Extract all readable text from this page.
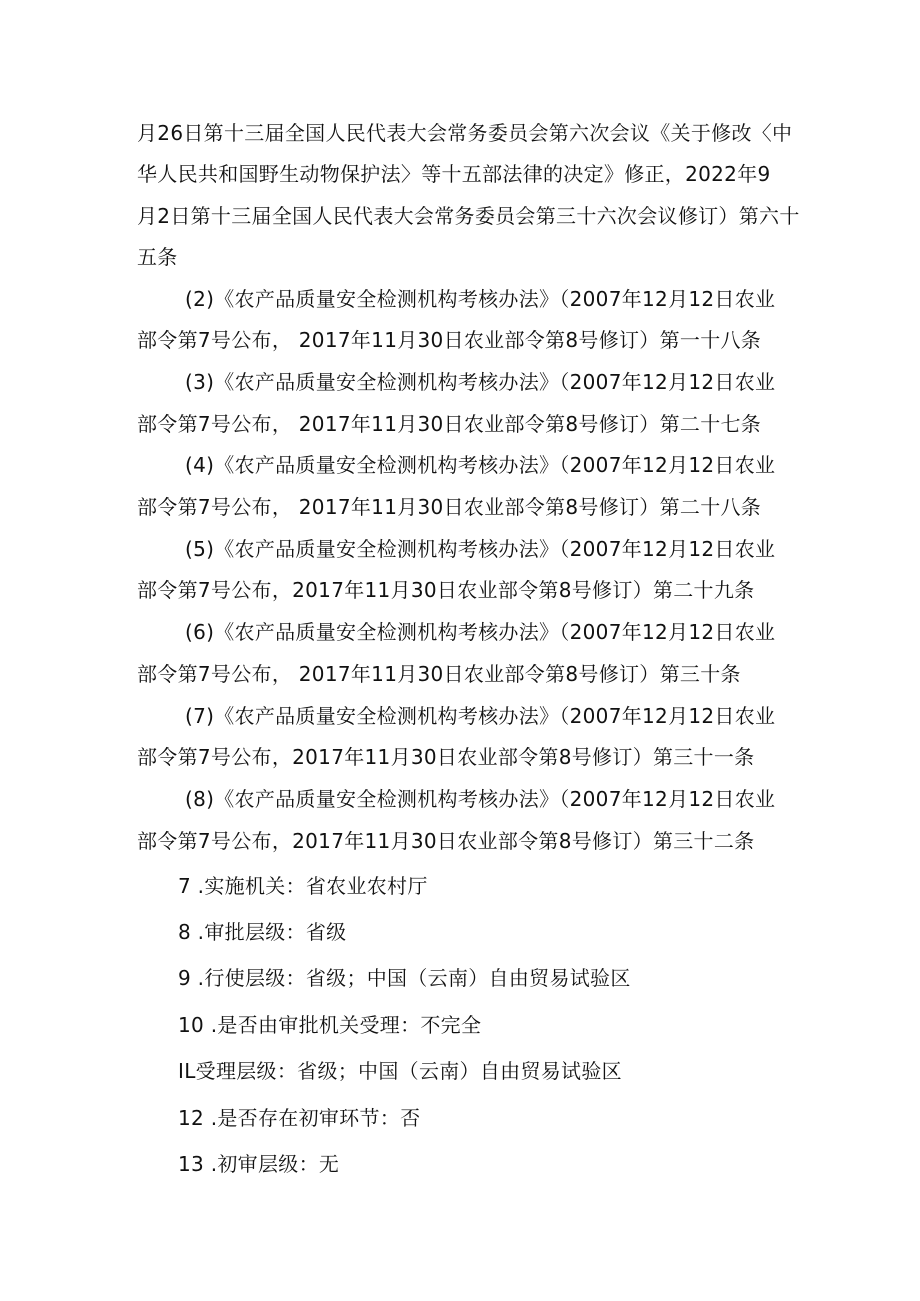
月26日第十三届全国人民代表大会常务委员会第六次会议《关于修改〈中
华人民共和国野生动物保护法〉等十五部法律的决定》修正，2022年9
月2日第十三届全国人民代表大会常务委员会第三十六次会议修订）第六十
五条
(2)《农产品质量安全检测机构考核办法》（2007年12月12日农业
部令第7号公布， 2017年11月30日农业部令第8号修订）第一十八条
(3)《农产品质量安全检测机构考核办法》（2007年12月12日农业
部令第7号公布， 2017年11月30日农业部令第8号修订）第二十七条
(4)《农产品质量安全检测机构考核办法》（2007年12月12日农业
部令第7号公布， 2017年11月30日农业部令第8号修订）第二十八条
(5)《农产品质量安全检测机构考核办法》（2007年12月12日农业
部令第7号公布，2017年11月30日农业部令第8号修订）第二十九条
(6)《农产品质量安全检测机构考核办法》（2007年12月12日农业
部令第7号公布， 2017年11月30日农业部令第8号修订）第三十条
(7)《农产品质量安全检测机构考核办法》（2007年12月12日农业
部令第7号公布，2017年11月30日农业部令第8号修订）第三十一条
(8)《农产品质量安全检测机构考核办法》（2007年12月12日农业
部令第7号公布，2017年11月30日农业部令第8号修订）第三十二条
7 .实施机关：省农业农村厅
8 .审批层级：省级
9 .行使层级：省级；中国（云南）自由贸易试验区
10 .是否由审批机关受理：不完全
IL受理层级：省级；中国（云南）自由贸易试验区
12 .是否存在初审环节：否
13 .初审层级：无
